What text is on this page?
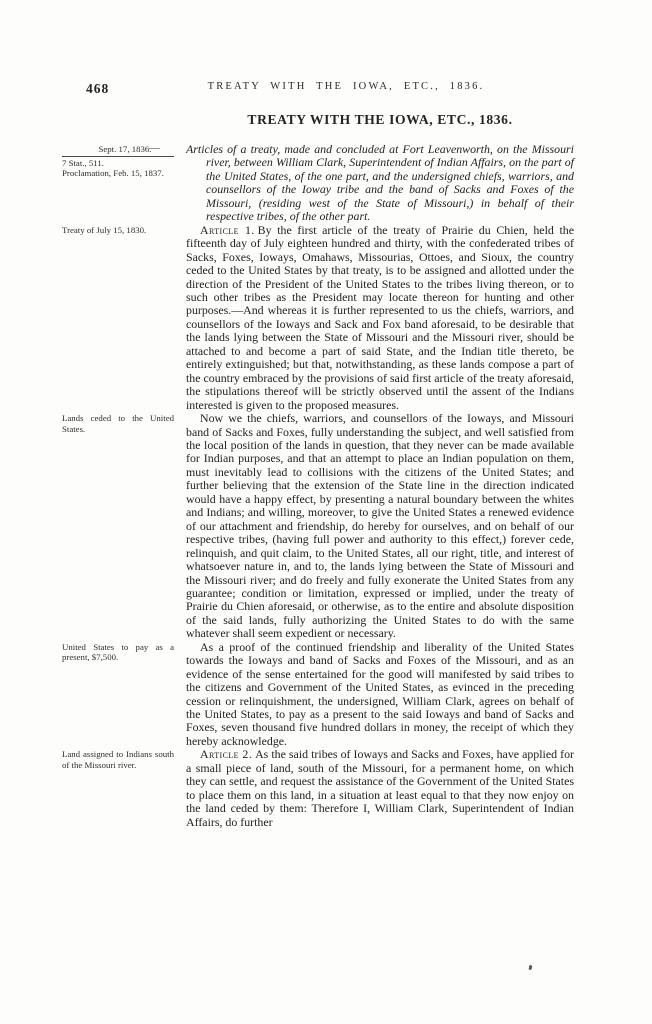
468	TREATY WITH THE IOWA, ETC., 1836.
TREATY WITH THE IOWA, ETC., 1836.
Sept. 17, 1836.
7 Stat., 511.
Proclamation, Feb. 15, 1837.
—	Articles of a treaty, made and concluded at Fort Leavenworth, on the Missouri river, between William Clark, Superintendent of Indian Affairs, on the part of the United States, of the one part, and the undersigned chiefs, warriors, and counsellors of the Ioway tribe and the band of Sacks and Foxes of the Missouri, (residing west of the State of Missouri,) in behalf of their respective tribes, of the other part.
Treaty of July 15, 1830.	Article 1. By the first article of the treaty of Prairie du Chien, held the fifteenth day of July eighteen hundred and thirty, with the confederated tribes of Sacks, Foxes, Ioways, Omahaws, Missourias, Ottoes, and Sioux, the country ceded to the United States by that treaty, is to be assigned and allotted under the direction of the President of the United States to the tribes living thereon, or to such other tribes as the President may locate thereon for hunting and other purposes.—And whereas it is further represented to us the chiefs, warriors, and counsellors of the Ioways and Sack and Fox band aforesaid, to be desirable that the lands lying between the State of Missouri and the Missouri river, should be attached to and become a part of said State, and the Indian title thereto, be entirely extinguished; but that, notwithstanding, as these lands compose a part of the country embraced by the provisions of said first article of the treaty aforesaid, the stipulations thereof will be strictly observed until the assent of the Indians interested is given to the proposed measures.
Lands ceded to the United States.
Now we the chiefs, warriors, and counsellors of the Ioways, and Missouri band of Sacks and Foxes, fully understanding the subject, and well satisfied from the local position of the lands in question, that they never can be made available for Indian purposes, and that an attempt to place an Indian population on them, must inevitably lead to collisions with the citizens of the United States; and further believing that the extension of the State line in the direction indicated would have a happy effect, by presenting a natural boundary between the whites and Indians; and willing, moreover, to give the United States a renewed evidence of our attachment and friendship, do hereby for ourselves, and on behalf of our respective tribes, (having full power and authority to this effect,) forever cede, relinquish, and quit claim, to the United States, all our right, title, and interest of whatsoever nature in, and to, the lands lying between the State of Missouri and the Missouri river; and do freely and fully exonerate the United States from any guarantee; condition or limitation, expressed or implied, under the treaty of Prairie du Chien aforesaid, or otherwise, as to the entire and absolute disposition of the said lands, fully authorizing the United States to do with the same whatever shall seem expedient or necessary.
United States to pay as a present, $7,500.
As a proof of the continued friendship and liberality of the United States towards the Ioways and band of Sacks and Foxes of the Missouri, and as an evidence of the sense entertained for the good will manifested by said tribes to the citizens and Government of the United States, as evinced in the preceding cession or relinquishment, the undersigned, William Clark, agrees on behalf of the United States, to pay as a present to the said Ioways and band of Sacks and Foxes, seven thousand five hundred dollars in money, the receipt of which they hereby acknowledge.
Land assigned to Indians south of the Missouri river.
Article 2. As the said tribes of Ioways and Sacks and Foxes, have applied for a small piece of land, south of the Missouri, for a permanent home, on which they can settle, and request the assistance of the Government of the United States to place them on this land, in a situation at least equal to that they now enjoy on the land ceded by them: Therefore I, William Clark, Superintendent of Indian Affairs, do further
